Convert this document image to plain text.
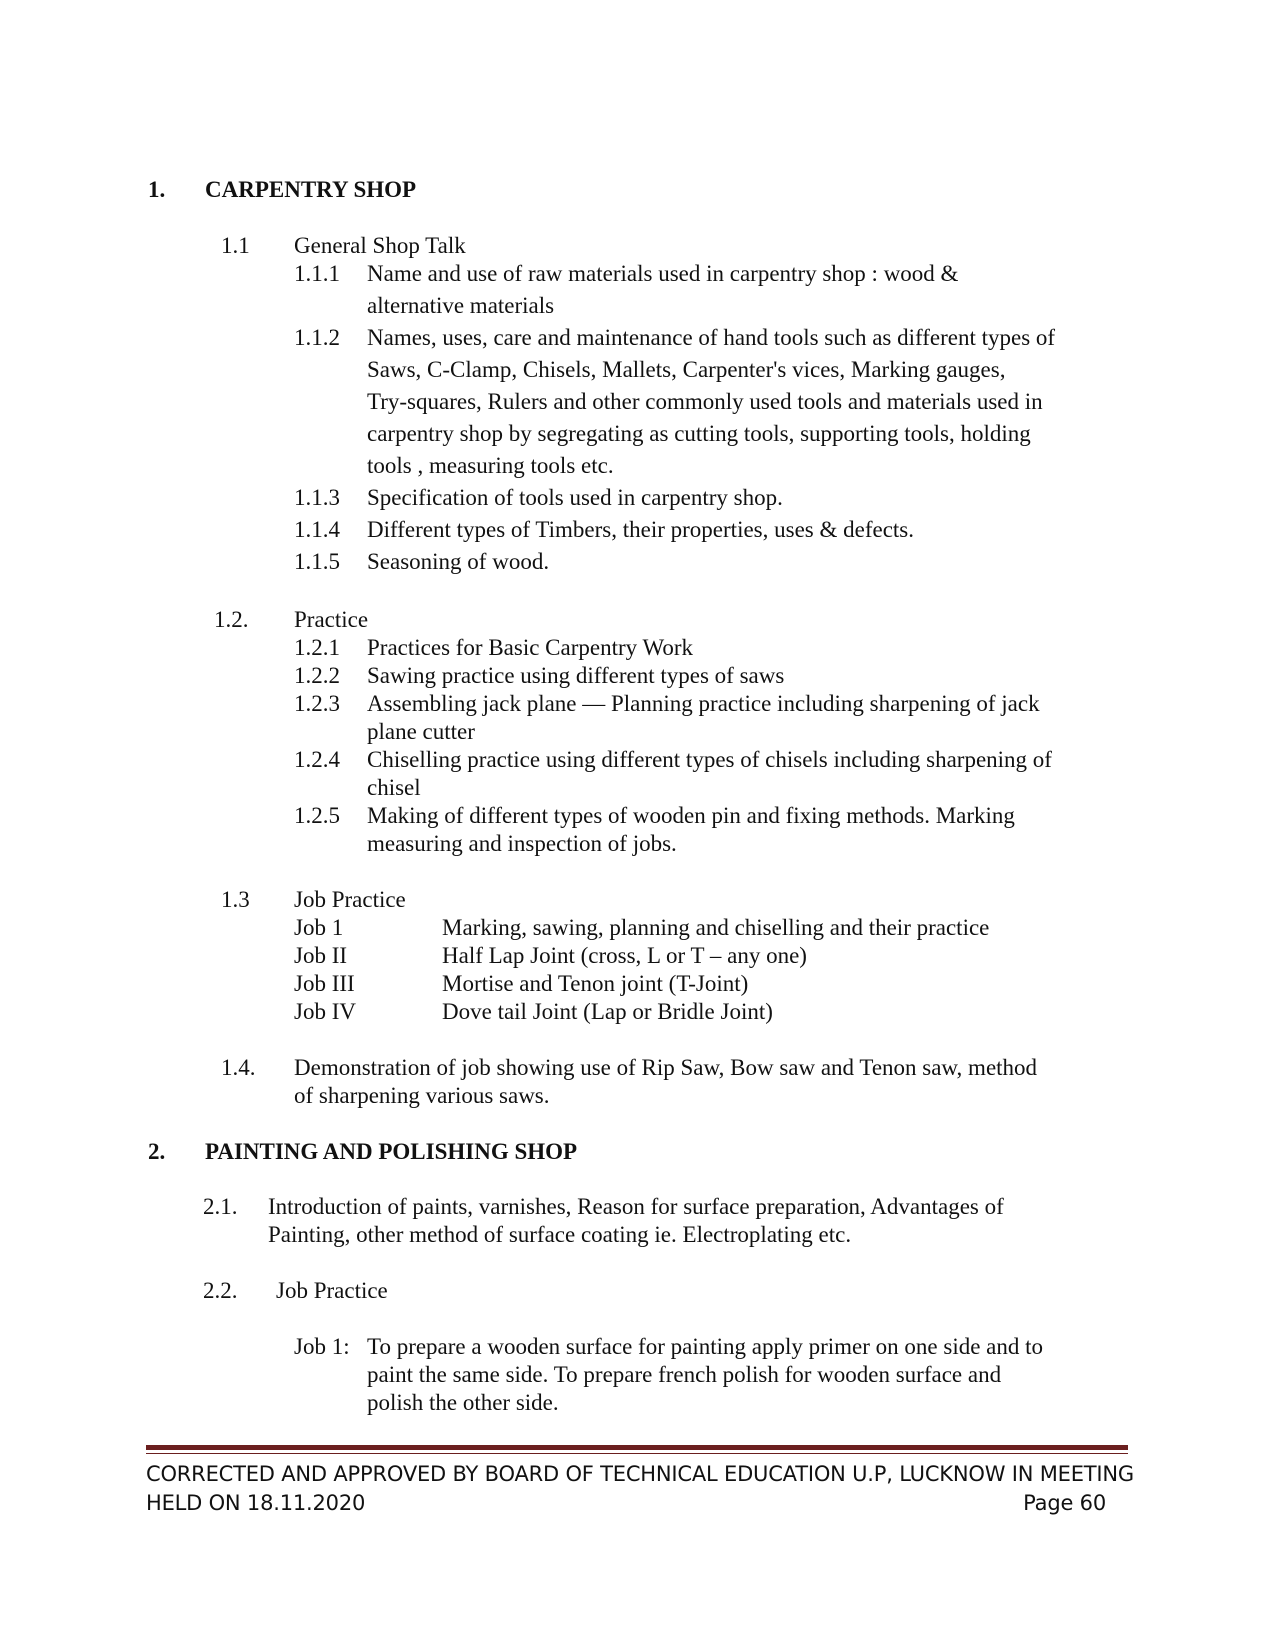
1. CARPENTRY SHOP
1.1 General Shop Talk
1.1.1 Name and use of raw materials used in carpentry shop : wood &
alternative materials
1.1.2 Names, uses, care and maintenance of hand tools such as different types of
Saws, C-Clamp, Chisels, Mallets, Carpenter's vices, Marking gauges,
Try-squares, Rulers and other commonly used tools and materials used in
carpentry shop by segregating as cutting tools, supporting tools, holding
tools , measuring tools etc.
1.1.3 Specification of tools used in carpentry shop.
1.1.4 Different types of Timbers, their properties, uses & defects.
1.1.5 Seasoning of wood.
1.2. Practice
1.2.1 Practices for Basic Carpentry Work
1.2.2 Sawing practice using different types of saws
1.2.3 Assembling jack plane — Planning practice including sharpening of jack
plane cutter
1.2.4 Chiselling practice using different types of chisels including sharpening of
chisel
1.2.5 Making of different types of wooden pin and fixing methods. Marking
measuring and inspection of jobs.
1.3 Job Practice
Job 1	Marking, sawing, planning and chiselling and their practice
Job II	Half Lap Joint (cross, L or T – any one)
Job III	Mortise and Tenon joint (T-Joint)
Job IV	Dove tail Joint (Lap or Bridle Joint)
1.4. Demonstration of job showing use of Rip Saw, Bow saw and Tenon saw, method
of sharpening various saws.
2. PAINTING AND POLISHING SHOP
2.1. Introduction of paints, varnishes, Reason for surface preparation, Advantages of
Painting, other method of surface coating ie. Electroplating etc.
2.2. Job Practice
Job 1: To prepare a wooden surface for painting apply primer on one side and to
paint the same side. To prepare french polish for wooden surface and
polish the other side.
CORRECTED AND APPROVED BY BOARD OF TECHNICAL EDUCATION U.P, LUCKNOW IN MEETING
HELD ON 18.11.2020	Page 60
